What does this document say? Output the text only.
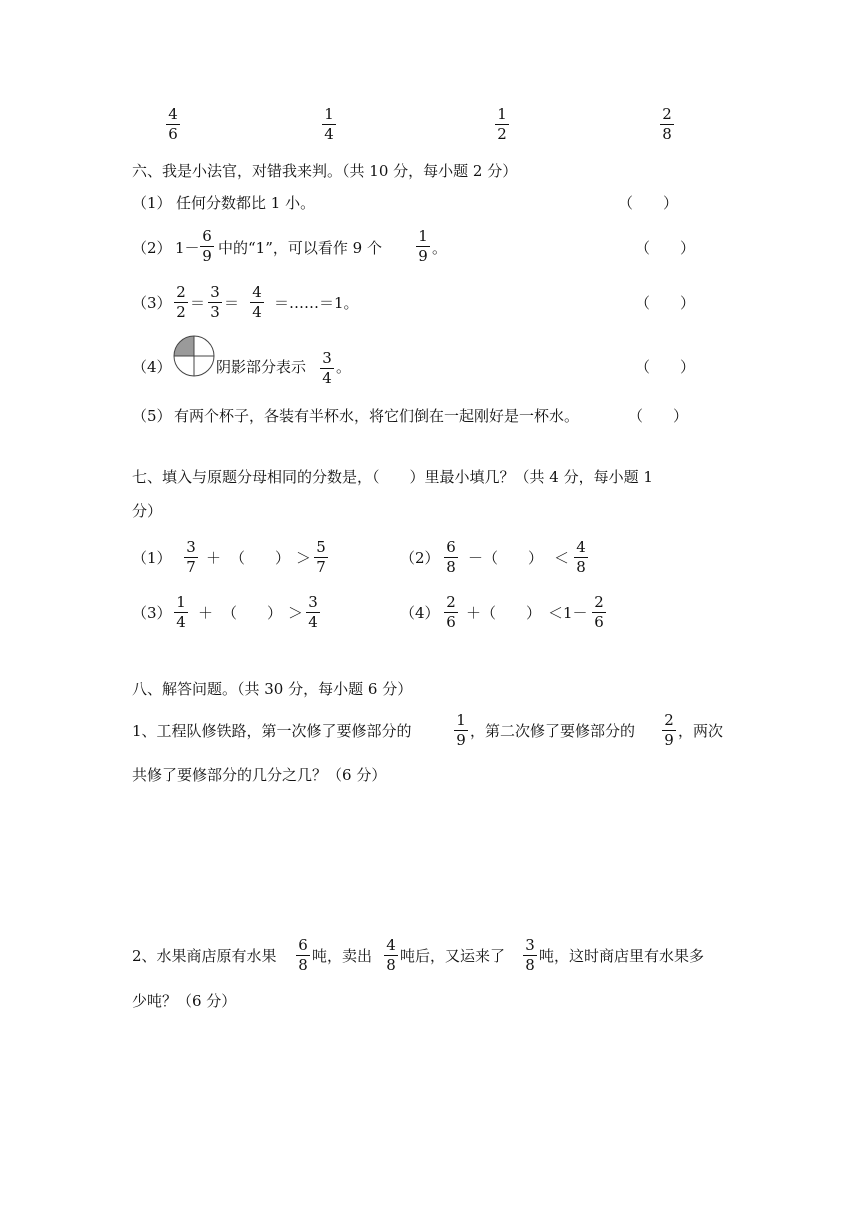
$\frac{4}{6}$	$\frac{1}{4}$	$\frac{1}{2}$	$\frac{2}{8}$
六、我是小法官，对错我来判。（共 10 分，每小题 2 分）
（1） 任何分数都比 1 小。	（　　）
（2） $1- \frac{6}{9}$ 中的“1”，可以看作 9 个 $\frac{1}{9}$ 。	（　　）
$(3) \frac{2}{2} = \frac{3}{3} = \frac{4}{4}$ ＝……＝1。	（　　）
（4）	阴影部分表示 $\frac{3}{4}$ 。	（　　）
（5） 有两个杯子，各装有半杯水，将它们倒在一起刚好是一杯水。	（　　）
七、填入与原题分母相同的分数是，（　　）里最小填几？（共 4 分，每小题 1
分）
$(1) \frac{3}{7}$ ＋ （　　） ＞ $\frac{5}{7}$	$(2) \frac{6}{8}$ －（ 　　） ＜ $\frac{4}{8}$
$(3) \frac{1}{4}$ ＋ （　　） ＞ $\frac{3}{4}$	$(4) \frac{2}{6}$ ＋（ 　　） $<1- \frac{2}{6}$
八、解答问题。（共 30 分，每小题 6 分）
1、工程队修铁路，第一次修了要修部分的	$\frac{1}{9}$ ，第二次修了要修部分的 $\frac{2}{9}$ ，两次
共修了要修部分的几分之几？（6 分）
2、水果商店原有水果 $\frac{6}{8}$ 吨，卖出 $\frac{4}{8}$ 吨后，又运来了 $\frac{3}{8}$ 吨，这时商店里有水果多
少吨？（6 分）
